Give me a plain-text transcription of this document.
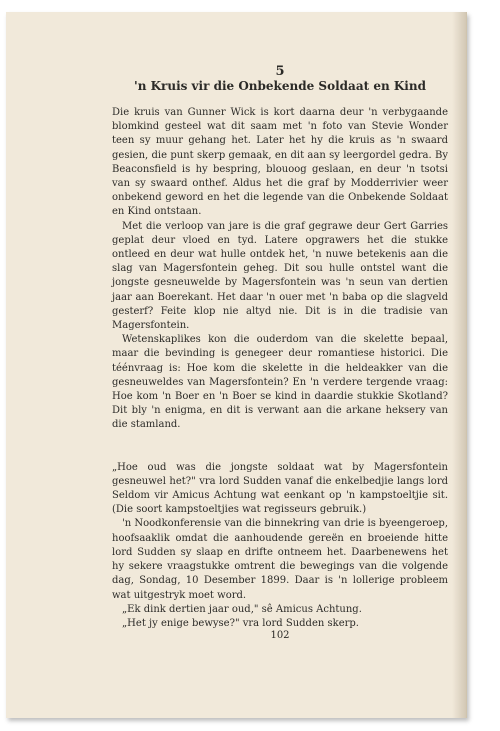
5

'n Kruis vir die Onbekende Soldaat en Kind

Die kruis van Gunner Wick is kort daarna deur 'n verbygaande blomkind gesteel wat dit saam met 'n foto van Stevie Wonder teen sy muur gehang het. Later het hy die kruis as 'n swaard gesien, die punt skerp gemaak, en dit aan sy leergordel gedra. By Beaconsfield is hy bespring, blouoog geslaan, en deur 'n tsotsi van sy swaard onthef. Aldus het die graf by Modderrivier weer onbekend geword en het die legende van die Onbekende Soldaat en Kind ontstaan.

Met die verloop van jare is die graf gegrawe deur Gert Garries geplat deur vloed en tyd. Latere opgrawers het die stukke ontleed en deur wat hulle ontdek het, 'n nuwe betekenis aan die slag van Magersfontein geheg. Dit sou hulle ontstel want die jongste gesneuwelde by Magersfontein was 'n seun van dertien jaar aan Boerekant. Het daar 'n ouer met 'n baba op die slagveld gesterf? Feite klop nie altyd nie. Dit is in die tradisie van Magersfontein.

Wetenskaplikes kon die ouderdom van die skelette bepaal, maar die bevinding is genegeer deur romantiese historici. Die téénvraag is: Hoe kom die skelette in die heldeakker van die gesneuweldes van Magersfontein? En 'n verdere tergende vraag: Hoe kom 'n Boer en 'n Boer se kind in daardie stukkie Skotland? Dit bly 'n enigma, en dit is verwant aan die arkane heksery van die stamland.

„Hoe oud was die jongste soldaat wat by Magersfontein gesneuwel het?" vra lord Sudden vanaf die enkelbedjie langs lord Seldom vir Amicus Achtung wat eenkant op 'n kampstoeltjie sit. (Die soort kampstoeltjies wat regisseurs gebruik.)

'n Noodkonferensie van die binnekring van drie is byeengeroep, hoofsaaklik omdat die aanhoudende gereën en broeiende hitte lord Sudden sy slaap en drifte ontneem het. Daarbenewens het hy sekere vraagstukke omtrent die bewegings van die volgende dag, Sondag, 10 Desember 1899. Daar is 'n lollerige probleem wat uitgestryk moet word.

„Ek dink dertien jaar oud," sê Amicus Achtung.

„Het jy enige bewyse?" vra lord Sudden skerp.

102
